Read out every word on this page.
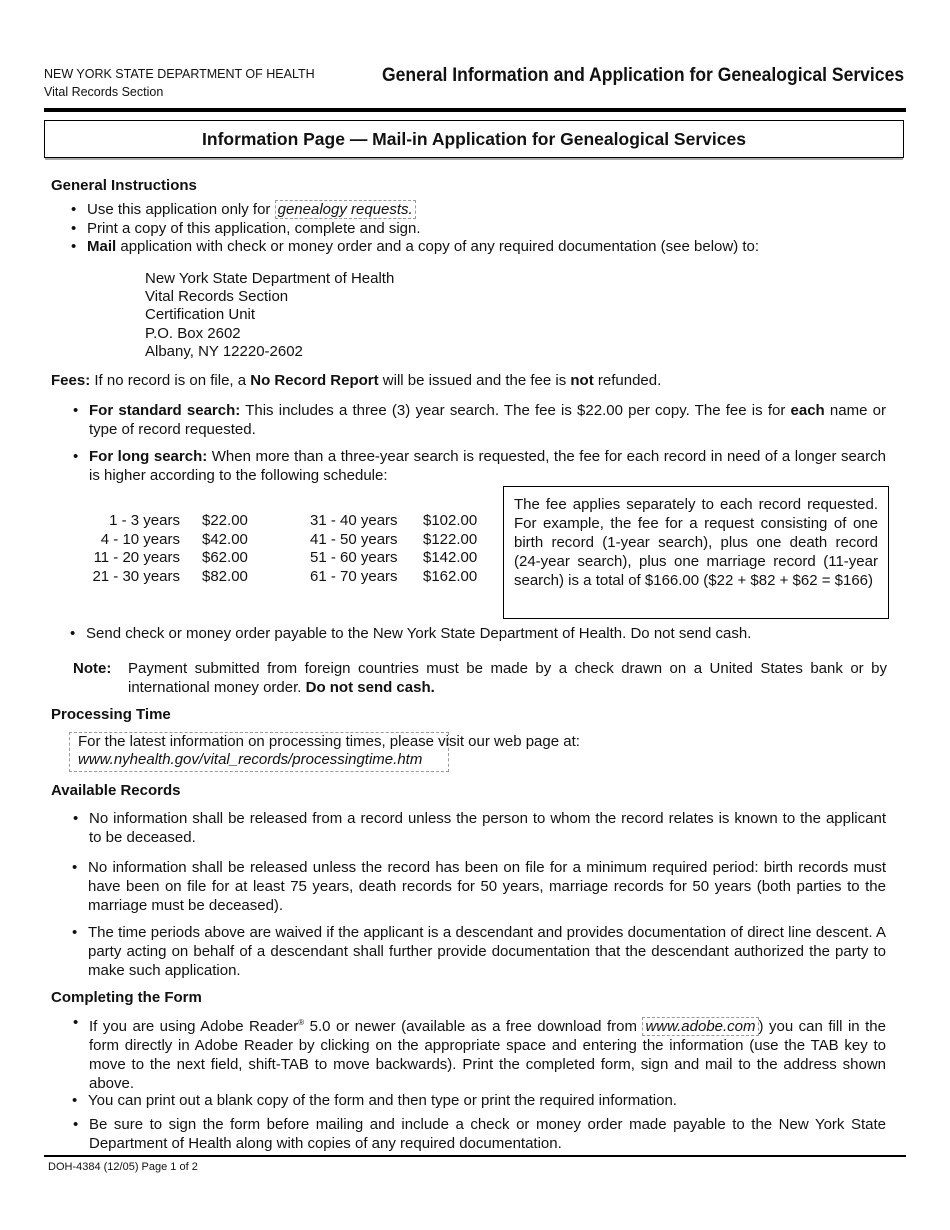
NEW YORK STATE DEPARTMENT OF HEALTH
Vital Records Section
General Information and Application for Genealogical Services
Information Page — Mail-in Application for Genealogical Services
General Instructions
• Use this application only for genealogy requests.
• Print a copy of this application, complete and sign.
• Mail application with check or money order and a copy of any required documentation (see below) to:
New York State Department of Health
Vital Records Section
Certification Unit
P.O. Box 2602
Albany, NY 12220-2602
Fees: If no record is on file, a No Record Report will be issued and the fee is not refunded.
• For standard search: This includes a three (3) year search. The fee is $22.00 per copy. The fee is for each name or type of record requested.
• For long search: When more than a three-year search is requested, the fee for each record in need of a longer search is higher according to the following schedule:
1 - 3 years
4 - 10 years
11 - 20 years
21 - 30 years
$22.00
$42.00
$62.00
$82.00
31 - 40 years
41 - 50 years
51 - 60 years
61 - 70 years
$102.00
$122.00
$142.00
$162.00
The fee applies separately to each record requested. For example, the fee for a request consisting of one birth record (1-year search), plus one death record (24-year search), plus one marriage record (11-year search) is a total of $166.00 ($22 + $82 + $62 = $166)
• Send check or money order payable to the New York State Department of Health. Do not send cash.
Note: Payment submitted from foreign countries must be made by a check drawn on a United States bank or by international money order. Do not send cash.
Processing Time
For the latest information on processing times, please visit our web page at:
www.nyhealth.gov/vital_records/processingtime.htm
Available Records
• No information shall be released from a record unless the person to whom the record relates is known to the applicant to be deceased.
• No information shall be released unless the record has been on file for a minimum required period: birth records must have been on file for at least 75 years, death records for 50 years, marriage records for 50 years (both parties to the marriage must be deceased).
• The time periods above are waived if the applicant is a descendant and provides documentation of direct line descent. A party acting on behalf of a descendant shall further provide documentation that the descendant authorized the party to make such application.
Completing the Form
• If you are using Adobe Reader® 5.0 or newer (available as a free download from www.adobe.com ) you can fill in the form directly in Adobe Reader by clicking on the appropriate space and entering the information (use the TAB key to move to the next field, shift-TAB to move backwards). Print the completed form, sign and mail to the address shown above.
• You can print out a blank copy of the form and then type or print the required information.
• Be sure to sign the form before mailing and include a check or money order made payable to the New York State Department of Health along with copies of any required documentation.
DOH-4384 (12/05) Page 1 of 2
